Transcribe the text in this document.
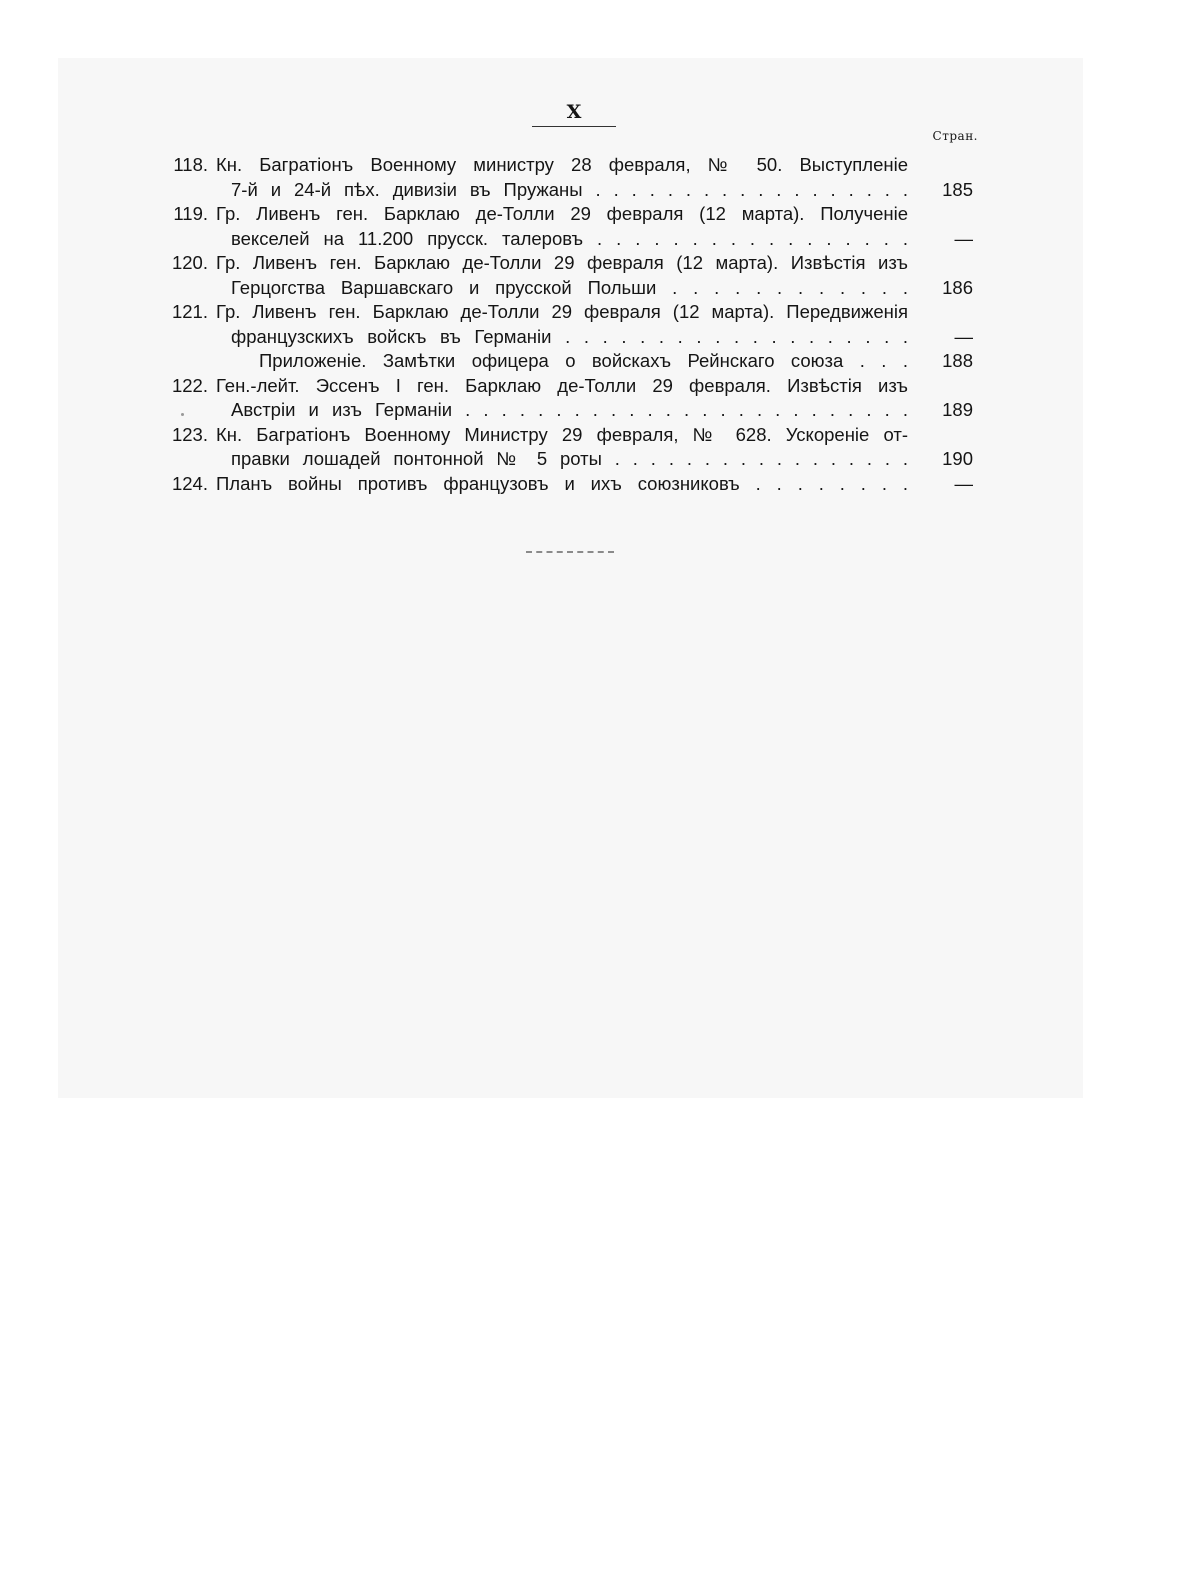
X
Стран.
118. Кн. Багратіонъ Военному министру 28 февраля, № 50. Выступленіе
7-й и 24-й пѣх. дивизіи въ Пружаны . . . . . . . . . . . . . . . . . . 185
119. Гр. Ливенъ ген. Барклаю де-Толли 29 февраля (12 марта). Полученіе
векселей на 11.200 прусск. талеровъ . . . . . . . . . . . . . . . . .	—
120. Гр. Ливенъ ген. Барклаю де-Толли 29 февраля (12 марта). Извѣстія изъ
Герцогства Варшавскаго и прусской Польши . . . . . . . . . . . . 186
121. Гр. Ливенъ ген. Барклаю де-Толли 29 февраля (12 марта). Передвиженія
французскихъ войскъ въ Германіи . . . . . . . . . . . . . . . . . . .	—
Приложеніе. Замѣтки офицера о войскахъ Рейнскаго союза . . . 188
122. Ген.-лейт. Эссенъ I ген. Барклаю де-Толли 29 февраля. Извѣстія изъ
Австріи и изъ Германіи . . . . . . . . . . . . . . . . . . . . . . . . . 189
123. Кн. Багратіонъ Военному Министру 29 февраля, № 628. Ускореніе от-
правки лошадей понтонной № 5 роты . . . . . . . . . . . . . . . . . 190
124. Планъ войны противъ французовъ и ихъ союзниковъ . . . . . . . .	—
